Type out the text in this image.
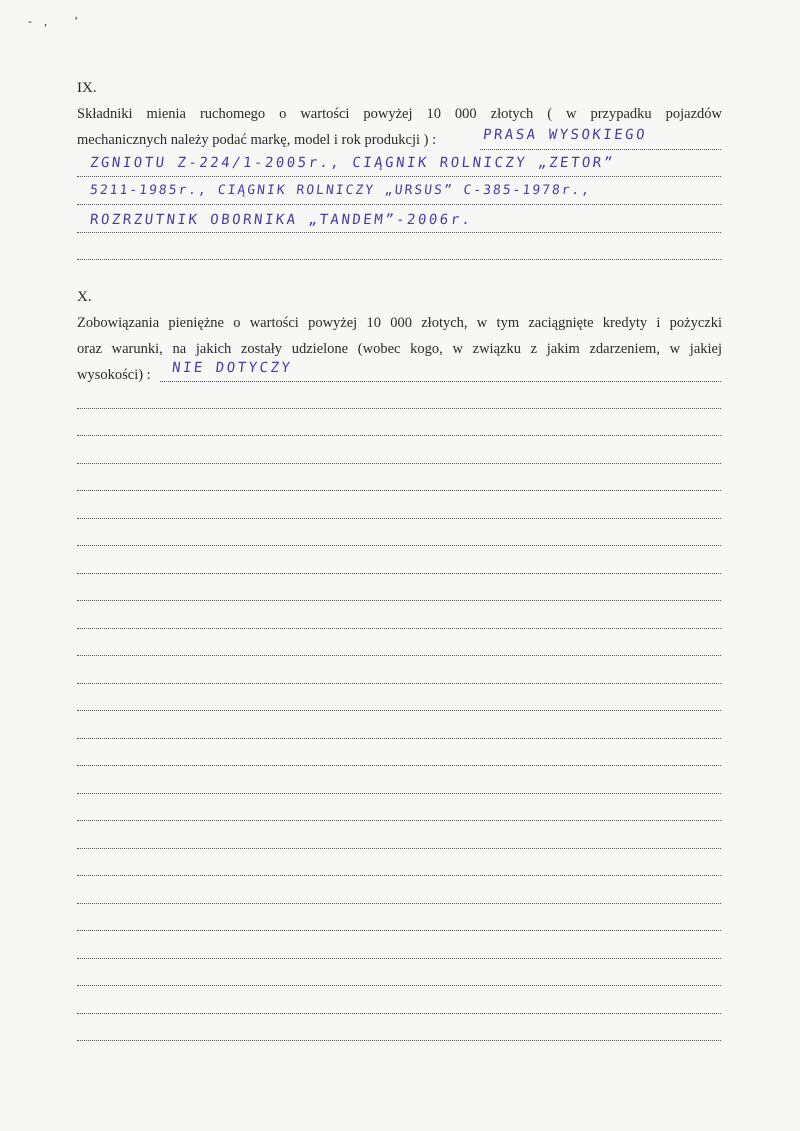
- , ʼ
IX.
Składniki mienia ruchomego o wartości powyżej 10 000 złotych ( w przypadku pojazdów
mechanicznych należy podać markę, model i rok produkcji ) :	PRASA WYSOKIEGO
ZGNIOTU Z-224/1-2005r., CIĄGNIK ROLNICZY „ZETOR”
5211-1985r., CIĄGNIK ROLNICZY „URSUS” C-385-1978r.,
ROZRZUTNIK OBORNIKA „TANDEM”-2006r.
X.
Zobowiązania pieniężne o wartości powyżej 10 000 złotych, w tym zaciągnięte kredyty i pożyczki
oraz warunki, na jakich zostały udzielone (wobec kogo, w związku z jakim zdarzeniem, w jakiej
wysokości) :	NIE DOTYCZY
